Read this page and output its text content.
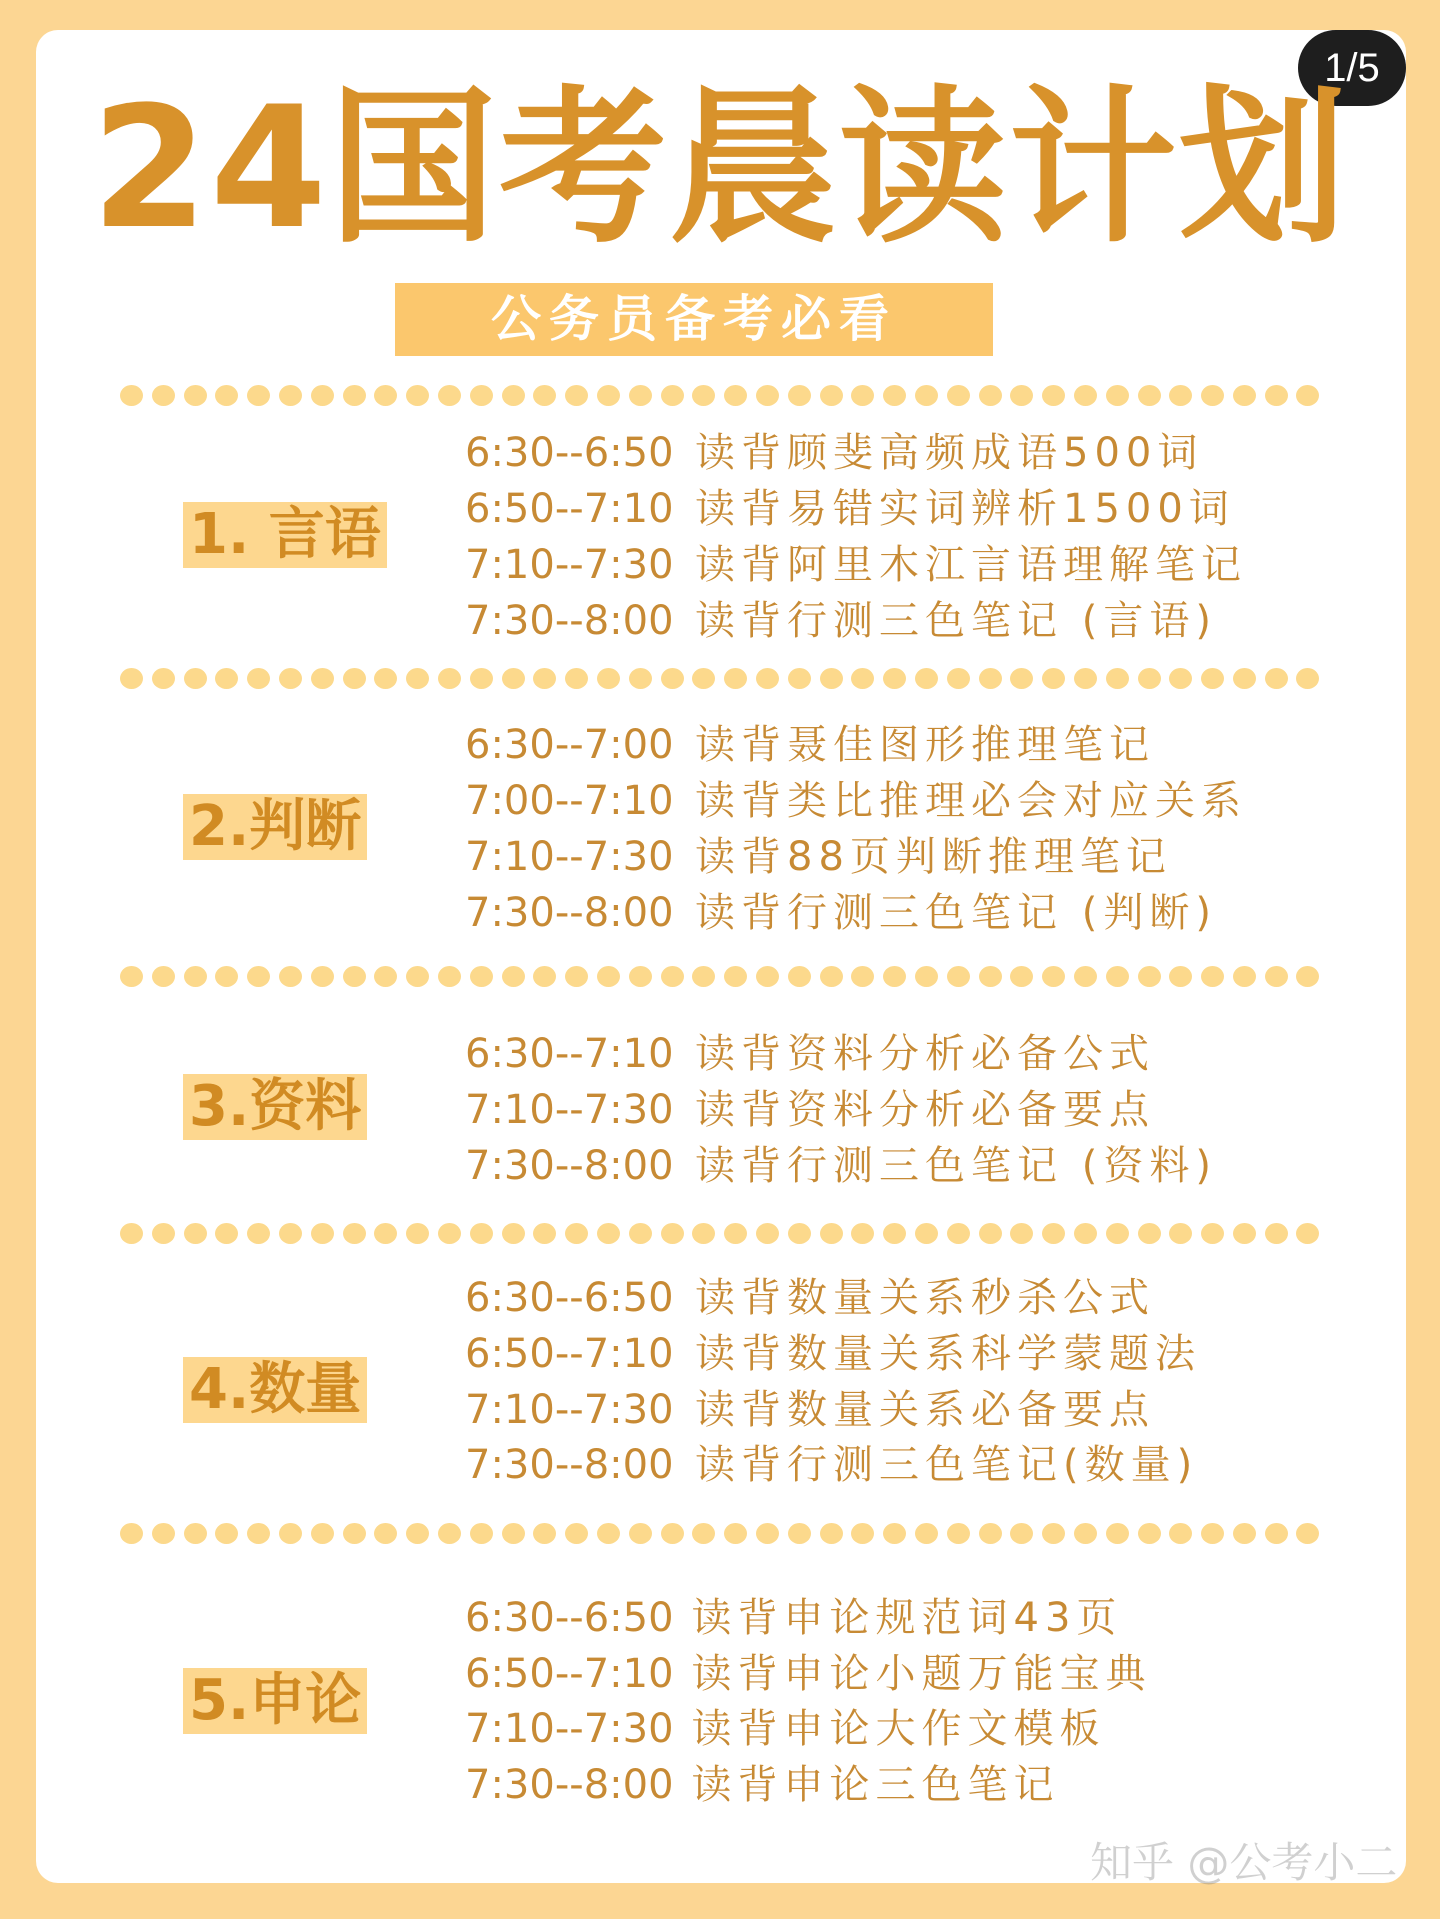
1/5
24国考晨读计划
公务员备考必看
1. 言语
6:30--6:50 读背顾斐高频成语500词
6:50--7:10 读背易错实词辨析1500词
7:10--7:30 读背阿里木江言语理解笔记
7:30--8:00 读背行测三色笔记 (言语)
2.判断
6:30--7:00 读背聂佳图形推理笔记
7:00--7:10 读背类比推理必会对应关系
7:10--7:30 读背88页判断推理笔记
7:30--8:00 读背行测三色笔记 (判断)
3.资料
6:30--7:10 读背资料分析必备公式
7:10--7:30 读背资料分析必备要点
7:30--8:00 读背行测三色笔记 (资料)
4.数量
6:30--6:50 读背数量关系秒杀公式
6:50--7:10 读背数量关系科学蒙题法
7:10--7:30 读背数量关系必备要点
7:30--8:00 读背行测三色笔记(数量)
5.申论
6:30--6:50 读背申论规范词43页
6:50--7:10 读背申论小题万能宝典
7:10--7:30 读背申论大作文模板
7:30--8:00 读背申论三色笔记
知乎 @公考小二
